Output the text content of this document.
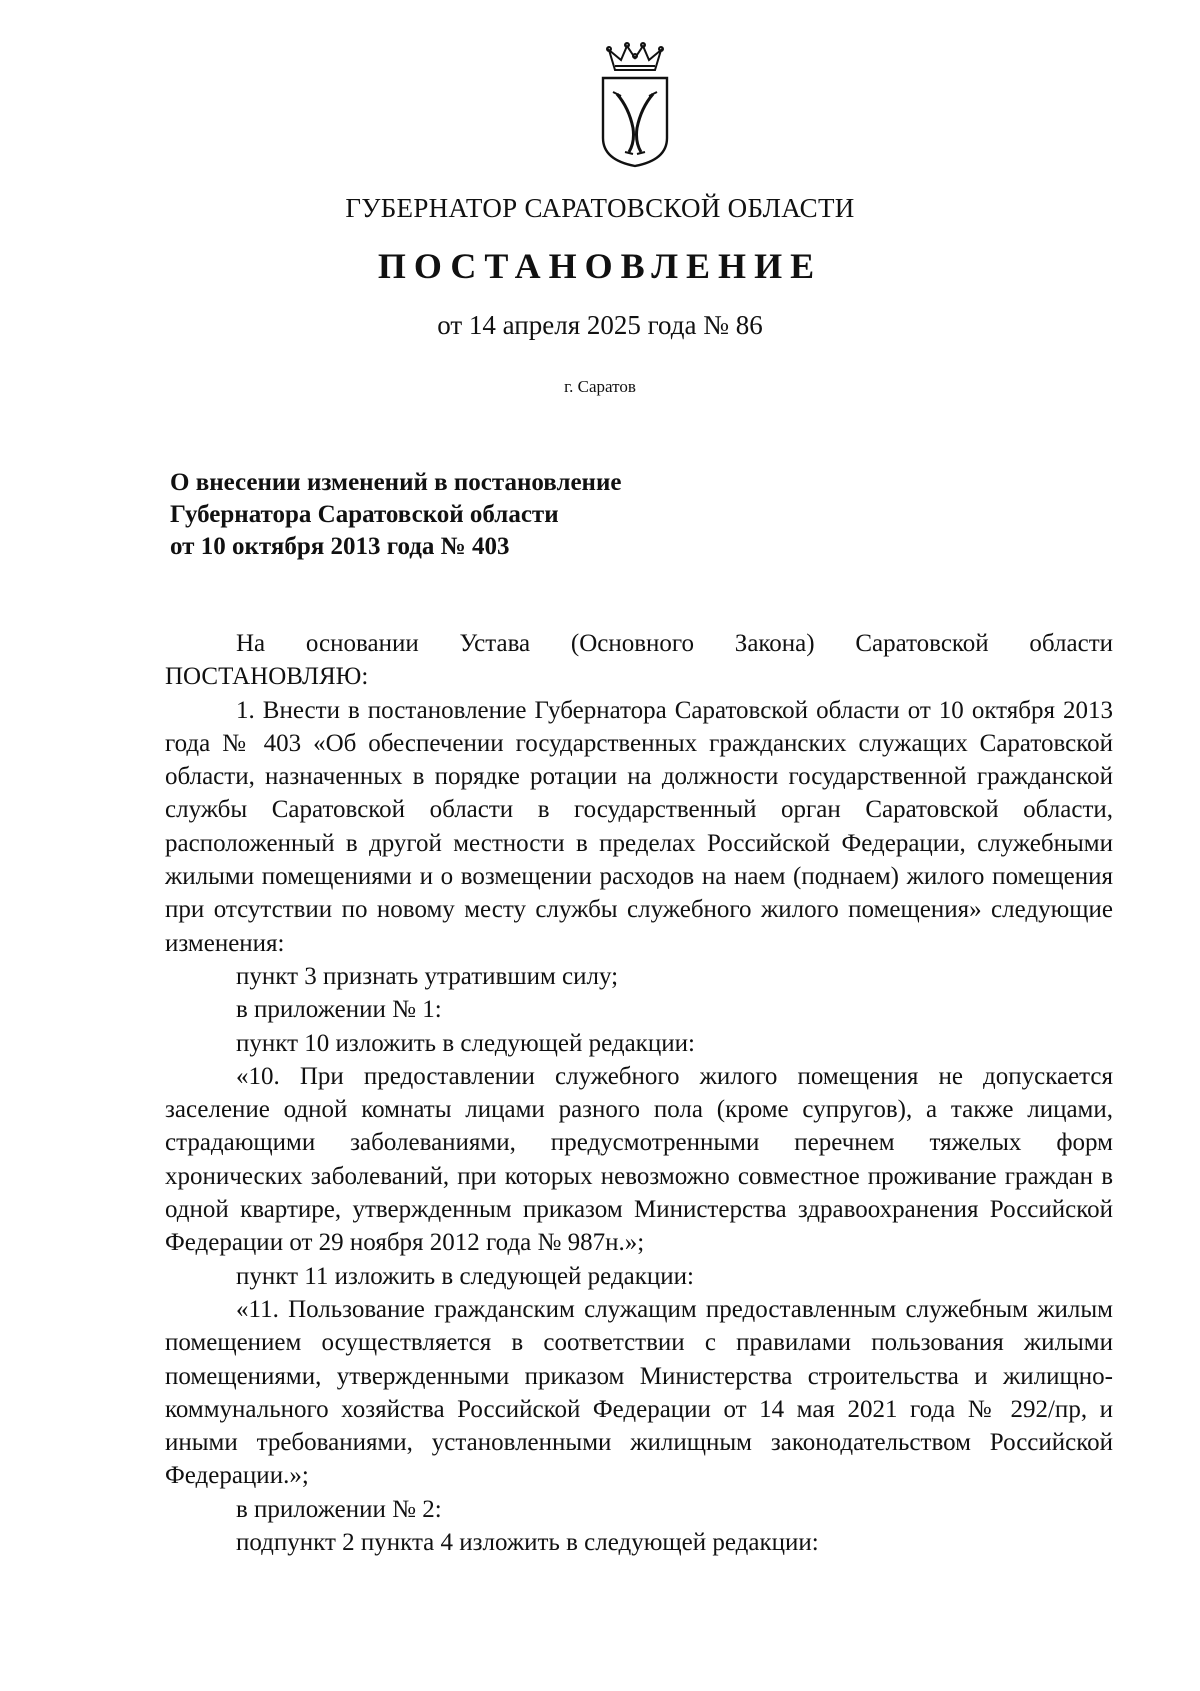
ГУБЕРНАТОР САРАТОВСКОЙ ОБЛАСТИ

ПОСТАНОВЛЕНИЕ

от 14 апреля 2025 года № 86

г. Саратов

О внесении изменений в постановление
Губернатора Саратовской области
от 10 октября 2013 года № 403

На основании Устава (Основного Закона) Саратовской области

ПОСТАНОВЛЯЮ:

1. Внести в постановление Губернатора Саратовской области от 10 октября 2013 года № 403 «Об обеспечении государственных гражданских служащих Саратовской области, назначенных в порядке ротации на должности государственной гражданской службы Саратовской области в государственный орган Саратовской области, расположенный в другой местности в пределах Российской Федерации, служебными жилыми помещениями и о возмещении расходов на наем (поднаем) жилого помещения при отсутствии по новому месту службы служебного жилого помещения» следующие изменения:

пункт 3 признать утратившим силу;

в приложении № 1:

пункт 10 изложить в следующей редакции:

«10. При предоставлении служебного жилого помещения не допускается заселение одной комнаты лицами разного пола (кроме супругов), а также лицами, страдающими заболеваниями, предусмотренными перечнем тяжелых форм хронических заболеваний, при которых невозможно совместное проживание граждан в одной квартире, утвержденным приказом Министерства здравоохранения Российской Федерации от 29 ноября 2012 года № 987н.»;

пункт 11 изложить в следующей редакции:

«11. Пользование гражданским служащим предоставленным служебным жилым помещением осуществляется в соответствии с правилами пользования жилыми помещениями, утвержденными приказом Министерства строительства и жилищно-коммунального хозяйства Российской Федерации от 14 мая 2021 года № 292/пр, и иными требованиями, установленными жилищным законодательством Российской Федерации.»;

в приложении № 2:

подпункт 2 пункта 4 изложить в следующей редакции:
